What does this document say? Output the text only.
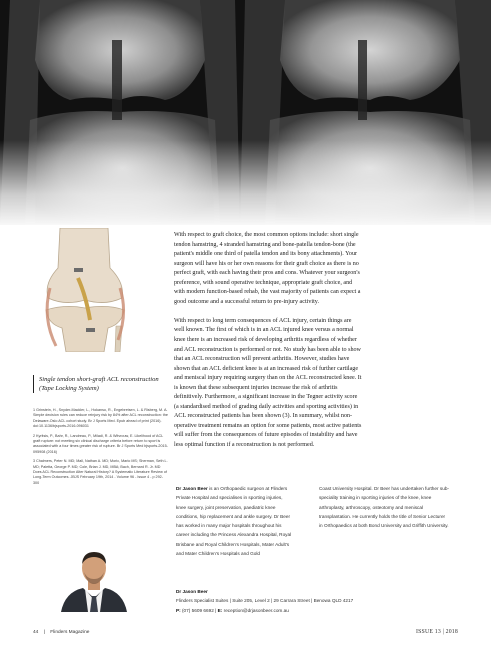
Single tendon short-graft ACL reconstruction (Tape Locking System)

1 Grinstein, H., Snyder-Mackler, L., Hokanso, R., Engebretsen, L. & Risberg, M. A. Simple decision rules can reduce reinjury risk by 84% after ACL reconstruction: the Delaware-Oslo ACL cohort study. Br J Sports Med. Epub ahead of print (2016). doi:10.1136/bjsports-2016-096031

2 Kyritsis, P., Bahr, R., Landreau, P., Miladi, R. & Witvrouw, E. Likelihood of ACL graft rupture: not meeting six clinical discharge criteria before return to sport is associated with a four times greater risk of rupture. Br J Sports Med bjsports-2015-095908 (2016)

3 Chalmers, Peter N. MD; Mall, Nathan A. MD; Moric, Mario MS; Sherman, Seth L. MD; Paletta, George P. MD; Cole, Brian J. MD, MBA; Bach, Bernard R. Jr. MD Does ACL Reconstruction Alter Natural History? A Systematic Literature Review of Long-Term Outcomes. JBJS February 19th, 2014 - Volume 96 - Issue 4 - p 292-300

With respect to graft choice, the most common options include: short single tendon hamstring, 4 stranded hamstring and bone-patella tendon-bone (the patient's middle one third of patella tendon and its bony attachments). Your surgeon will have his or her own reasons for their graft choice as there is no perfect graft, with each having their pros and cons. Whatever your surgeon's preference, with sound operative technique, appropriate graft choice, and with modern function-based rehab, the vast majority of patients can expect a good outcome and a successful return to pre-injury activity.

With respect to long term consequences of ACL injury, certain things are well known. The first of which is in an ACL injured knee versus a normal knee there is an increased risk of developing arthritis regardless of whether and ACL reconstruction is performed or not. No study has been able to show that an ACL reconstruction will prevent arthritis. However, studies have shown that an ACL deficient knee is at an increased risk of further cartilage and meniscal injury requiring surgery than on the ACL reconstructed knee. It is known that these subsequent injuries increase the risk of arthritis definitively. Furthermore, a significant increase in the Tegner activity score (a standardised method of grading daily activities and sporting activities) in ACL reconstructed patients has been shown (3). In summary, whilst non-operative treatment remains an option for some patients, most active patients will suffer from the consequences of future episodes of instability and have less optimal function if a reconstruction is not performed.

Dr Jason Beer is an Orthopaedic surgeon at Flinders Private Hospital and specialises in sporting injuries, knee surgery, joint preservation, paediatric knee conditions, hip replacement and ankle surgery. Dr Beer has worked in many major hospitals throughout his career including the Princess Alexandra Hospital, Royal Brisbane and Royal Children's Hospitals, Mater Adult's and Mater Children's Hospitals and Gold
Coast University Hospital. Dr Beer has undertaken further sub-speciality training in sporting injuries of the knee, knee arthroplasty, arthroscopy, osteotomy and meniscal transplantation. He currently holds the title of Senior Lecturer in Orthopaedics at both Bond University and Griffith University.
Dr Jason Beer
Flinders Specialist Suites | Suite 205, Level 2 | 29 Carrara Street | Benowa QLD 4217
P: (07) 5609 6692 | E: reception@drjasonbeer.com.au
44 | Flinders Magazine	ISSUE 13 | 2018
